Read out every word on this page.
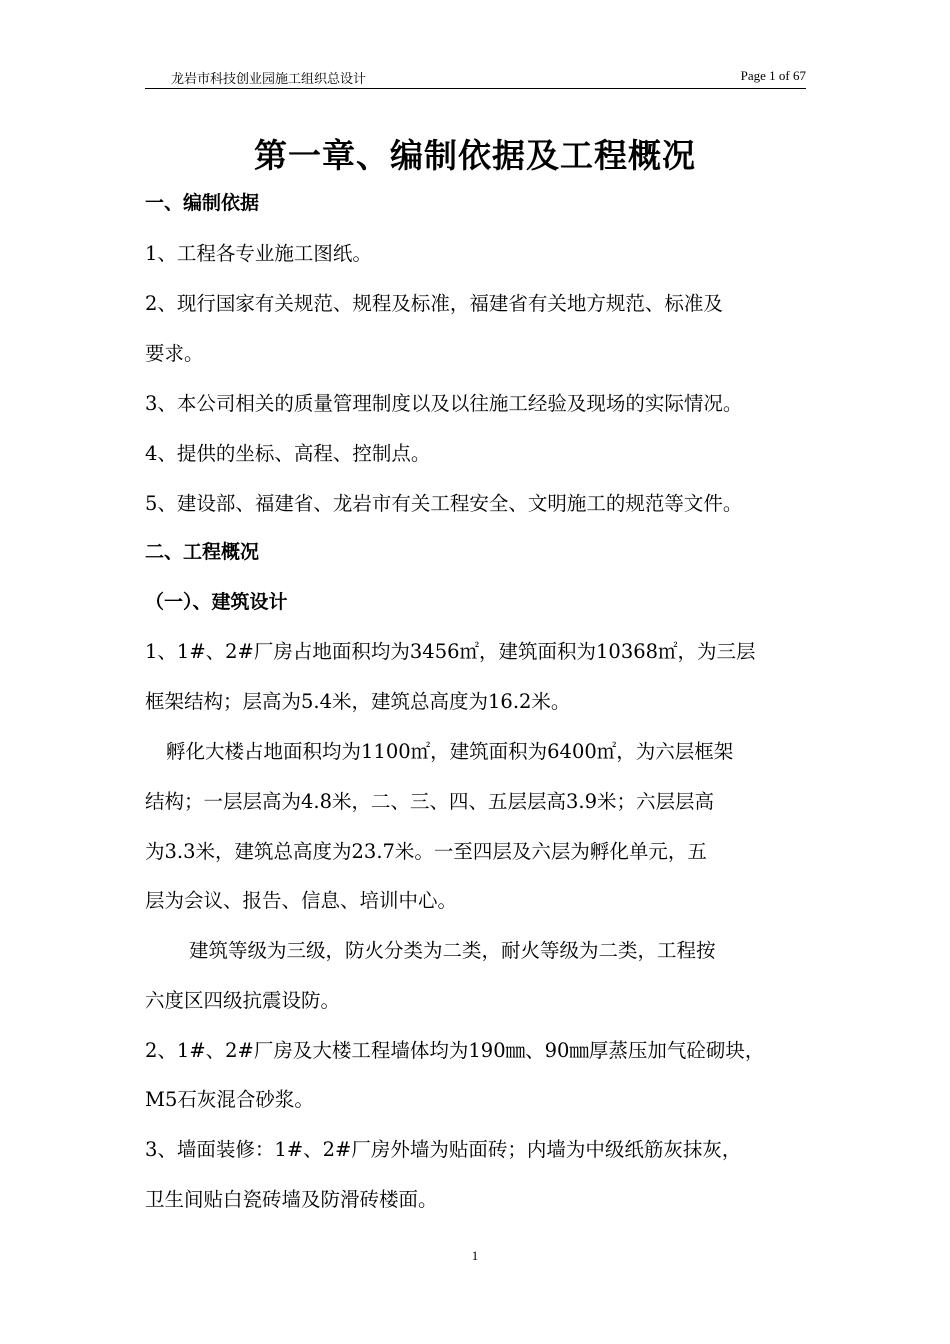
龙岩市科技创业园施工组织总设计	Page 1 of 67
第一章、编制依据及工程概况
一、编制依据
1、工程各专业施工图纸。
2、现行国家有关规范、规程及标准，福建省有关地方规范、标准及
要求。
3、本公司相关的质量管理制度以及以往施工经验及现场的实际情况。
4、提供的坐标、高程、控制点。
5、建设部、福建省、龙岩市有关工程安全、文明施工的规范等文件。
二、工程概况
（一）、建筑设计
1、1#、2#厂房占地面积均为3456㎡，建筑面积为10368㎡，为三层
框架结构；层高为5.4米，建筑总高度为16.2米。
孵化大楼占地面积均为1100㎡，建筑面积为6400㎡，为六层框架
结构；一层层高为4.8米，二、三、四、五层层高3.9米；六层层高
为3.3米，建筑总高度为23.7米。一至四层及六层为孵化单元，五
层为会议、报告、信息、培训中心。
建筑等级为三级，防火分类为二类，耐火等级为二类，工程按
六度区四级抗震设防。
2、1#、2#厂房及大楼工程墙体均为190㎜、90㎜厚蒸压加气砼砌块，
M5石灰混合砂浆。
3、墙面装修：1#、2#厂房外墙为贴面砖；内墙为中级纸筋灰抹灰，
卫生间贴白瓷砖墙及防滑砖楼面。
1
